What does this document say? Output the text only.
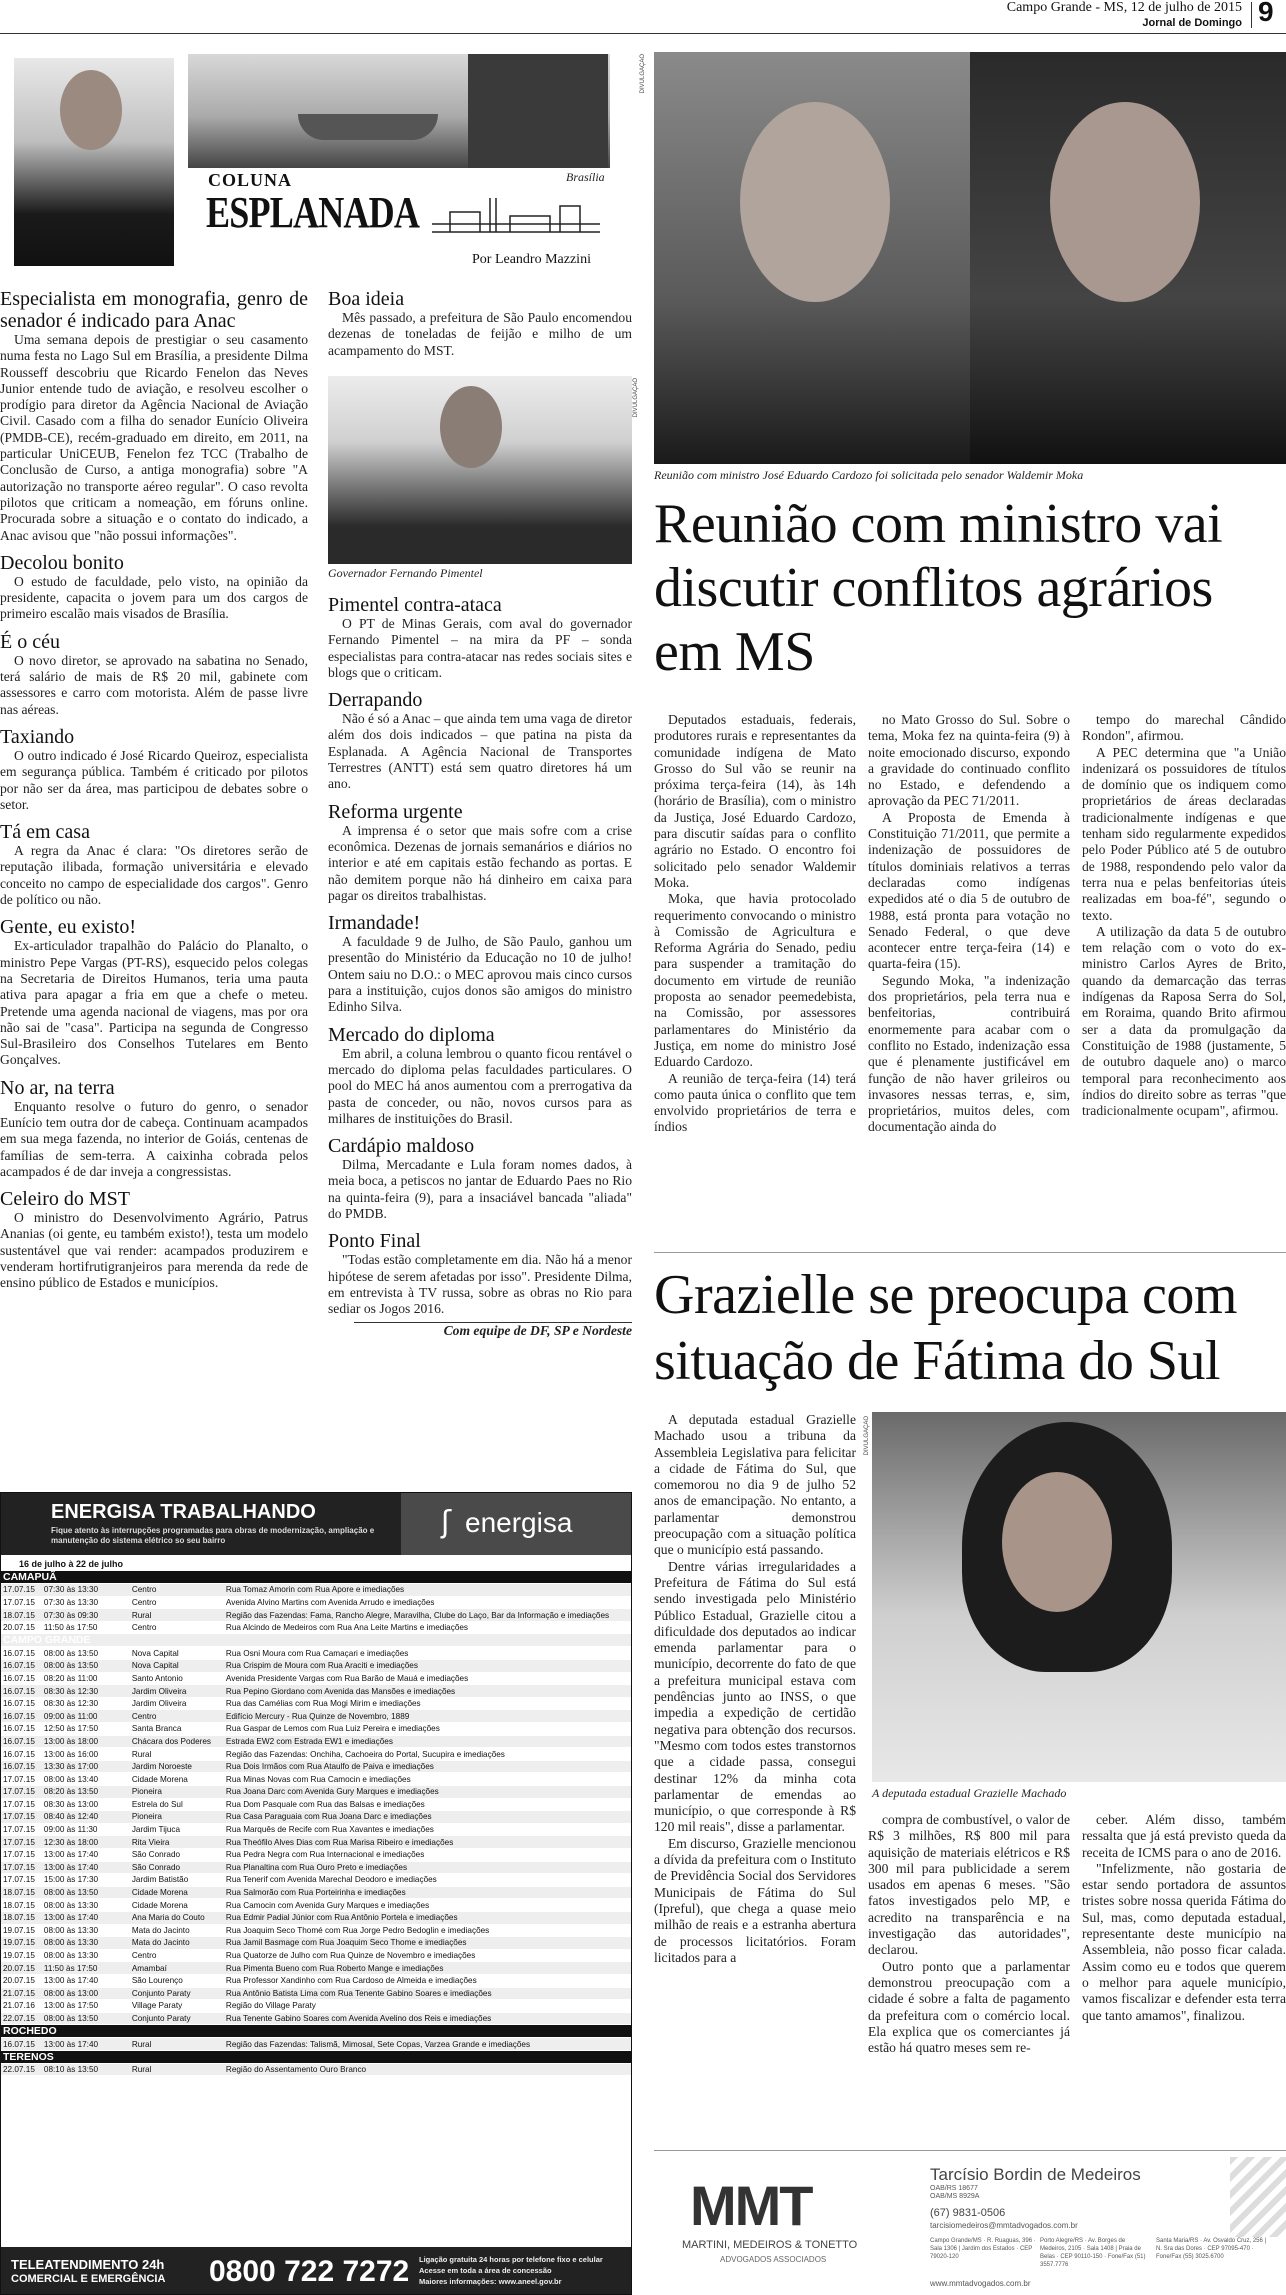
Campo Grande - MS, 12 de julho de 2015
Jornal de Domingo 9
Brasília
COLUNA
ESPLANADA
Por Leandro Mazzini
Especialista em monografia, genro de senador é indicado para Anac

Uma semana depois de prestigiar o seu casamento numa festa no Lago Sul em Brasília, a presidente Dilma Rousseff descobriu que Ricardo Fenelon das Neves Junior entende tudo de aviação, e resolveu escolher o prodígio para diretor da Agência Nacional de Aviação Civil. Casado com a filha do senador Eunício Oliveira (PMDB-CE), recém-graduado em direito, em 2011, na particular UniCEUB, Fenelon fez TCC (Trabalho de Conclusão de Curso, a antiga monografia) sobre "A autorização no transporte aéreo regular". O caso revolta pilotos que criticam a nomeação, em fóruns online. Procurada sobre a situação e o contato do indicado, a Anac avisou que "não possui informações".

Decolou bonito

O estudo de faculdade, pelo visto, na opinião da presidente, capacita o jovem para um dos cargos de primeiro escalão mais visados de Brasília.

É o céu

O novo diretor, se aprovado na sabatina no Senado, terá salário de mais de R$ 20 mil, gabinete com assessores e carro com motorista. Além de passe livre nas aéreas.

Taxiando

O outro indicado é José Ricardo Queiroz, especialista em segurança pública. Também é criticado por pilotos por não ser da área, mas participou de debates sobre o setor.

Tá em casa

A regra da Anac é clara: "Os diretores serão de reputação ilibada, formação universitária e elevado conceito no campo de especialidade dos cargos". Genro de político ou não.

Gente, eu existo!

Ex-articulador trapalhão do Palácio do Planalto, o ministro Pepe Vargas (PT-RS), esquecido pelos colegas na Secretaria de Direitos Humanos, teria uma pauta ativa para apagar a fria em que a chefe o meteu. Pretende uma agenda nacional de viagens, mas por ora não sai de "casa". Participa na segunda de Congresso Sul-Brasileiro dos Conselhos Tutelares em Bento Gonçalves.

No ar, na terra

Enquanto resolve o futuro do genro, o senador Eunício tem outra dor de cabeça. Continuam acampados em sua mega fazenda, no interior de Goiás, centenas de famílias de sem-terra. A caixinha cobrada pelos acampados é de dar inveja a congressistas.

Celeiro do MST

O ministro do Desenvolvimento Agrário, Patrus Ananias (oi gente, eu também existo!), testa um modelo sustentável que vai render: acampados produzirem e venderam hortifrutigranjeiros para merenda da rede de ensino público de Estados e municípios.

Boa ideia

Mês passado, a prefeitura de São Paulo encomendou dezenas de toneladas de feijão e milho de um acampamento do MST.

DIVULGAÇÃO
Governador Fernando Pimentel
Pimentel contra-ataca

O PT de Minas Gerais, com aval do governador Fernando Pimentel – na mira da PF – sonda especialistas para contra-atacar nas redes sociais sites e blogs que o criticam.

Derrapando

Não é só a Anac – que ainda tem uma vaga de diretor além dos dois indicados – que patina na pista da Esplanada. A Agência Nacional de Transportes Terrestres (ANTT) está sem quatro diretores há um ano.

Reforma urgente

A imprensa é o setor que mais sofre com a crise econômica. Dezenas de jornais semanários e diários no interior e até em capitais estão fechando as portas. E não demitem porque não há dinheiro em caixa para pagar os direitos trabalhistas.

Irmandade!

A faculdade 9 de Julho, de São Paulo, ganhou um presentão do Ministério da Educação no 10 de julho! Ontem saiu no D.O.: o MEC aprovou mais cinco cursos para a instituição, cujos donos são amigos do ministro Edinho Silva.

Mercado do diploma

Em abril, a coluna lembrou o quanto ficou rentável o mercado do diploma pelas faculdades particulares. O pool do MEC há anos aumentou com a prerrogativa da pasta de conceder, ou não, novos cursos para as milhares de instituições do Brasil.

Cardápio maldoso

Dilma, Mercadante e Lula foram nomes dados, à meia boca, a petiscos no jantar de Eduardo Paes no Rio na quinta-feira (9), para a insaciável bancada "aliada" do PMDB.

Ponto Final

"Todas estão completamente em dia. Não há a menor hipótese de serem afetadas por isso". Presidente Dilma, em entrevista à TV russa, sobre as obras no Rio para sediar os Jogos 2016.

Com equipe de DF, SP e Nordeste

DIVULGAÇÃO
Reunião com ministro José Eduardo Cardozo foi solicitada pelo senador Waldemir Moka
Reunião com ministro vai discutir conflitos agrários em MS

Deputados estaduais, federais, produtores rurais e representantes da comunidade indígena de Mato Grosso do Sul vão se reunir na próxima terça-feira (14), às 14h (horário de Brasília), com o ministro da Justiça, José Eduardo Cardozo, para discutir saídas para o conflito agrário no Estado. O encontro foi solicitado pelo senador Waldemir Moka.

Moka, que havia protocolado requerimento convocando o ministro à Comissão de Agricultura e Reforma Agrária do Senado, pediu para suspender a tramitação do documento em virtude de reunião proposta ao senador peemedebista, na Comissão, por assessores parlamentares do Ministério da Justiça, em nome do ministro José Eduardo Cardozo.

A reunião de terça-feira (14) terá como pauta única o conflito que tem envolvido proprietários de terra e índios

no Mato Grosso do Sul. Sobre o tema, Moka fez na quinta-feira (9) à noite emocionado discurso, expondo a gravidade do continuado conflito no Estado, e defendendo a aprovação da PEC 71/2011.

A Proposta de Emenda à Constituição 71/2011, que permite a indenização de possuidores de títulos dominiais relativos a terras declaradas como indígenas expedidos até o dia 5 de outubro de 1988, está pronta para votação no Senado Federal, o que deve acontecer entre terça-feira (14) e quarta-feira (15).

Segundo Moka, "a indenização dos proprietários, pela terra nua e benfeitorias, contribuirá enormemente para acabar com o conflito no Estado, indenização essa que é plenamente justificável em função de não haver grileiros ou invasores nessas terras, e, sim, proprietários, muitos deles, com documentação ainda do

tempo do marechal Cândido Rondon", afirmou.

A PEC determina que "a União indenizará os possuidores de títulos de domínio que os indiquem como proprietários de áreas declaradas tradicionalmente indígenas e que tenham sido regularmente expedidos pelo Poder Público até 5 de outubro de 1988, respondendo pelo valor da terra nua e pelas benfeitorias úteis realizadas em boa-fé", segundo o texto.

A utilização da data 5 de outubro tem relação com o voto do ex-ministro Carlos Ayres de Brito, quando da demarcação das terras indígenas da Raposa Serra do Sol, em Roraima, quando Brito afirmou ser a data da promulgação da Constituição de 1988 (justamente, 5 de outubro daquele ano) o marco temporal para reconhecimento aos índios do direito sobre as terras "que tradicionalmente ocupam", afirmou.

Grazielle se preocupa com situação de Fátima do Sul

A deputada estadual Grazielle Machado usou a tribuna da Assembleia Legislativa para felicitar a cidade de Fátima do Sul, que comemorou no dia 9 de julho 52 anos de emancipação. No entanto, a parlamentar demonstrou preocupação com a situação política que o município está passando.

Dentre várias irregularidades a Prefeitura de Fátima do Sul está sendo investigada pelo Ministério Público Estadual, Grazielle citou a dificuldade dos deputados ao indicar emenda parlamentar para o município, decorrente do fato de que a prefeitura municipal estava com pendências junto ao INSS, o que impedia a expedição de certidão negativa para obtenção dos recursos. "Mesmo com todos estes transtornos que a cidade passa, consegui destinar 12% da minha cota parlamentar de emendas ao município, o que corresponde à R$ 120 mil reais", disse a parlamentar.

Em discurso, Grazielle mencionou a dívida da prefeitura com o Instituto de Previdência Social dos Servidores Municipais de Fátima do Sul (Ipreful), que chega a quase meio milhão de reais e a estranha abertura de processos licitatórios. Foram licitados para a

DIVULGAÇÃO
A deputada estadual Grazielle Machado

compra de combustível, o valor de R$ 3 milhões, R$ 800 mil para aquisição de materiais elétricos e R$ 300 mil para publicidade a serem usados em apenas 6 meses. "São fatos investigados pelo MP, e acredito na transparência e na investigação das autoridades", declarou.

Outro ponto que a parlamentar demonstrou preocupação com a cidade é sobre a falta de pagamento da prefeitura com o comércio local. Ela explica que os comerciantes já estão há quatro meses sem re-

ceber. Além disso, também ressalta que já está previsto queda da receita de ICMS para o ano de 2016.

"Infelizmente, não gostaria de estar sendo portadora de assuntos tristes sobre nossa querida Fátima do Sul, mas, como deputada estadual, representante deste município na Assembleia, não posso ficar calada. Assim como eu e todos que querem o melhor para aquele município, vamos fiscalizar e defender esta terra que tanto amamos", finalizou.

ENERGISA TRABALHANDO
Fique atento às interrupções programadas para obras de modernização, ampliação e manutenção do sistema elétrico so seu bairro
ʃ energisa
16 de julho à 22 de julho
CAMAPUÃ			
17.07.15	07:30 às 13:30	Centro	Rua Tomaz Amorin com Rua Apore e imediações
17.07.15	07:30 às 13:30	Centro	Avenida Alvino Martins com Avenida Arrudo e imediações
18.07.15	07:30 às 09:30	Rural	Região das Fazendas: Fama, Rancho Alegre, Maravilha, Clube do Laço, Bar da Informação e imediações
20.07.15	11:50 às 17:50	Centro	Rua Alcindo de Medeiros com Rua Ana Leite Martins e imediações
CAMPO GRANDE			
16.07.15	08:00 às 13:50	Nova Capital	Rua Osni Moura com Rua Camaçari e imediações
16.07.15	08:00 às 13:50	Nova Capital	Rua Crispim de Moura com Rua Araciti e imediações
16.07.15	08:20 às 11:00	Santo Antonio	Avenida Presidente Vargas com Rua Barão de Mauá e imediações
16.07.15	08:30 às 12:30	Jardim Oliveira	Rua Pepino Giordano com Avenida das Mansões e imediações
16.07.15	08:30 às 12:30	Jardim Oliveira	Rua das Camélias com Rua Mogi Mirim e imediações
16.07.15	09:00 às 11:00	Centro	Edifício Mercury - Rua Quinze de Novembro, 1889
16.07.15	12:50 às 17:50	Santa Branca	Rua Gaspar de Lemos com Rua Luiz Pereira e imediações
16.07.15	13:00 às 18:00	Chácara dos Poderes	Estrada EW2 com Estrada EW1 e imediações
16.07.15	13:00 às 16:00	Rural	Região das Fazendas: Onchiha, Cachoeira do Portal, Sucupira e imediações
16.07.15	13:30 às 17:00	Jardim Noroeste	Rua Dois Irmãos com Rua Ataulfo de Paiva e imediações
17.07.15	08:00 às 13:40	Cidade Morena	Rua Minas Novas com Rua Camocin e imediações
17.07.15	08:20 às 13:50	Pioneira	Rua Joana Darc com Avenida Gury Marques e imediações
17.07.15	08:30 às 13:00	Estrela do Sul	Rua Dom Pasquale com Rua das Balsas e imediações
17.07.15	08:40 às 12:40	Pioneira	Rua Casa Paraguaia com Rua Joana Darc e imediações
17.07.15	09:00 às 11:30	Jardim Tijuca	Rua Marquês de Recife com Rua Xavantes e imediações
17.07.15	12:30 às 18:00	Rita Vieira	Rua Theófilo Alves Dias com Rua Marisa Ribeiro e imediações
17.07.15	13:00 às 17:40	São Conrado	Rua Pedra Negra com Rua Internacional e imediações
17.07.15	13:00 às 17:40	São Conrado	Rua Planaltina com Rua Ouro Preto e imediações
17.07.15	15:00 às 17:30	Jardim Batistão	Rua Tenerif com Avenida Marechal Deodoro e imediações
18.07.15	08:00 às 13:50	Cidade Morena	Rua Salmorão com Rua Porteirinha e imediações
18.07.15	08:00 às 13:30	Cidade Morena	Rua Camocin com Avenida Gury Marques e imediações
18.07.15	13:00 às 17:40	Ana Maria do Couto	Rua Edmir Padial Júnior com Rua Antônio Portela e imediações
19.07.15	08:00 às 13:30	Mata do Jacinto	Rua Joaquim Seco Thomé com Rua Jorge Pedro Bedoglin e imediações
19.07.15	08:00 às 13:30	Mata do Jacinto	Rua Jamil Basmage com Rua Joaquim Seco Thome e imediações
19.07.15	08:00 às 13:30	Centro	Rua Quatorze de Julho com Rua Quinze de Novembro e imediações
20.07.15	11:50 às 17:50	Amambaí	Rua Pimenta Bueno com Rua Roberto Mange e imediações
20.07.15	13:00 às 17:40	São Lourenço	Rua Professor Xandinho com Rua Cardoso de Almeida e imediações
21.07.15	08:00 às 13:00	Conjunto Paraty	Rua Antônio Batista Lima com Rua Tenente Gabino Soares e imediações
21.07.16	13:00 às 17:50	Village Paraty	Região do Village Paraty
22.07.15	08:00 às 13:50	Conjunto Paraty	Rua Tenente Gabino Soares com Avenida Avelino dos Reis e imediações
ROCHEDO			
16.07.15	13:00 às 17:40	Rural	Região das Fazendas: Talismã, Mimosal, Sete Copas, Varzea Grande e imediações
TERENOS			
22.07.15	08:10 às 13:50	Rural	Região do Assentamento Ouro Branco
TELEATENDIMENTO 24h
COMERCIAL E EMERGÊNCIA 0800 722 7272 Ligação gratuita 24 horas por telefone fixo e celular
Acesse em toda a área de concessão
Maiores informações: www.aneel.gov.br
MMT
MARTINI, MEDEIROS & TONETTO
ADVOGADOS ASSOCIADOS
Tarcísio Bordin de Medeiros
OAB/RS 18677
OAB/MS 8929A
(67) 9831-0506
tarcisiomedeiros@mmtadvogados.com.br
Campo Grande/MS · R. Ruaguas, 396 · Sala 1306 | Jardim dos Estados · CEP 79020-120
Porto Alegre/RS · Av. Borges de Medeiros, 2105 · Sala 1408 | Praia de Belas · CEP 90110-150 · Fone/Fax (51) 3557.7776
Santa Maria/RS · Av. Osvaldo Cruz, 256 | N. Sra das Dores · CEP 97095-470 · Fone/Fax (55) 3025.6700
www.mmtadvogados.com.br
